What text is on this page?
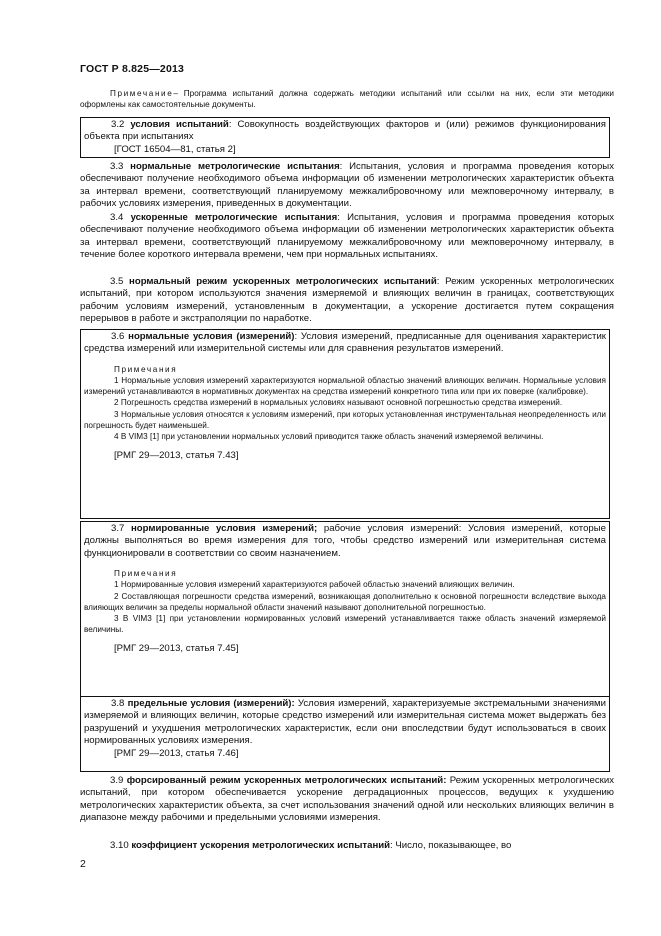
ГОСТ Р 8.825—2013
Примечание– Программа испытаний должна содержать методики испытаний или ссылки на них, если эти методики оформлены как самостоятельные документы.

3.2 условия испытаний: Совокупность воздействующих факторов и (или) режимов функционирования объекта при испытаниях

[ГОСТ 16504—81, статья 2]

3.3 нормальные метрологические испытания: Испытания, условия и программа проведения которых обеспечивают получение необходимого объема информации об изменении метрологических характеристик объекта за интервал времени, соответствующий планируемому межкалибровочному или межповерочному интервалу, в рабочих условиях измерения, приведенных в документации.
3.4 ускоренные метрологические испытания: Испытания, условия и программа проведения которых обеспечивают получение необходимого объема информации об изменении метрологических характеристик объекта за интервал времени, соответствующий планируемому межкалибровочному или межповерочному интервалу, в течение более короткого интервала времени, чем при нормальных испытаниях.
3.5 нормальный режим ускоренных метрологических испытаний: Режим ускоренных метрологических испытаний, при котором используются значения измеряемой и влияющих величин в границах, соответствующих рабочим условиям измерений, установленным в документации, а ускорение достигается путем сокращения перерывов в работе и экстраполяции по наработке.

3.6 нормальные условия (измерений): Условия измерений, предписанные для оценивания характеристик средства измерений или измерительной системы или для сравнения результатов измерений.

Примечания

1 Нормальные условия измерений характеризуются нормальной областью значений влияющих величин. Нормальные условия измерений устанавливаются в нормативных документах на средства измерений конкретного типа или при их поверке (калибровке).

2 Погрешность средства измерений в нормальных условиях называют основной погрешностью средства измерений.

3 Нормальные условия относятся к условиям измерений, при которых установленная инструментальная неопределенность или погрешность будет наименьшей.

4 В VIM3 [1] при установлении нормальных условий приводится также область значений измеряемой величины.

[РМГ 29—2013, статья 7.43]

3.7 нормированные условия измерений; рабочие условия измерений: Условия измерений, которые должны выполняться во время измерения для того, чтобы средство измерений или измерительная система функционировали в соответствии со своим назначением.

Примечания

1 Нормированные условия измерений характеризуются рабочей областью значений влияющих величин.

2 Составляющая погрешности средства измерений, возникающая дополнительно к основной погрешности вследствие выхода влияющих величин за пределы нормальной области значений называют дополнительной погрешностью.

3 В VIM3 [1] при установлении нормированных условий измерений устанавливается также область значений измеряемой величины.

[РМГ 29—2013, статья 7.45]

3.8 предельные условия (измерений): Условия измерений, характеризуемые экстремальными значениями измеряемой и влияющих величин, которые средство измерений или измерительная система может выдержать без разрушений и ухудшения метрологических характеристик, если они впоследствии будут использоваться в своих нормированных условиях измерения.

[РМГ 29—2013, статья 7.46]

3.9 форсированный режим ускоренных метрологических испытаний: Режим ускоренных метрологических испытаний, при котором обеспечивается ускорение деградационных процессов, ведущих к ухудшению метрологических характеристик объекта, за счет использования значений одной или нескольких влияющих величин в диапазоне между рабочими и предельными условиями измерения.
3.10 коэффициент ускорения метрологических испытаний: Число, показывающее, во
2
